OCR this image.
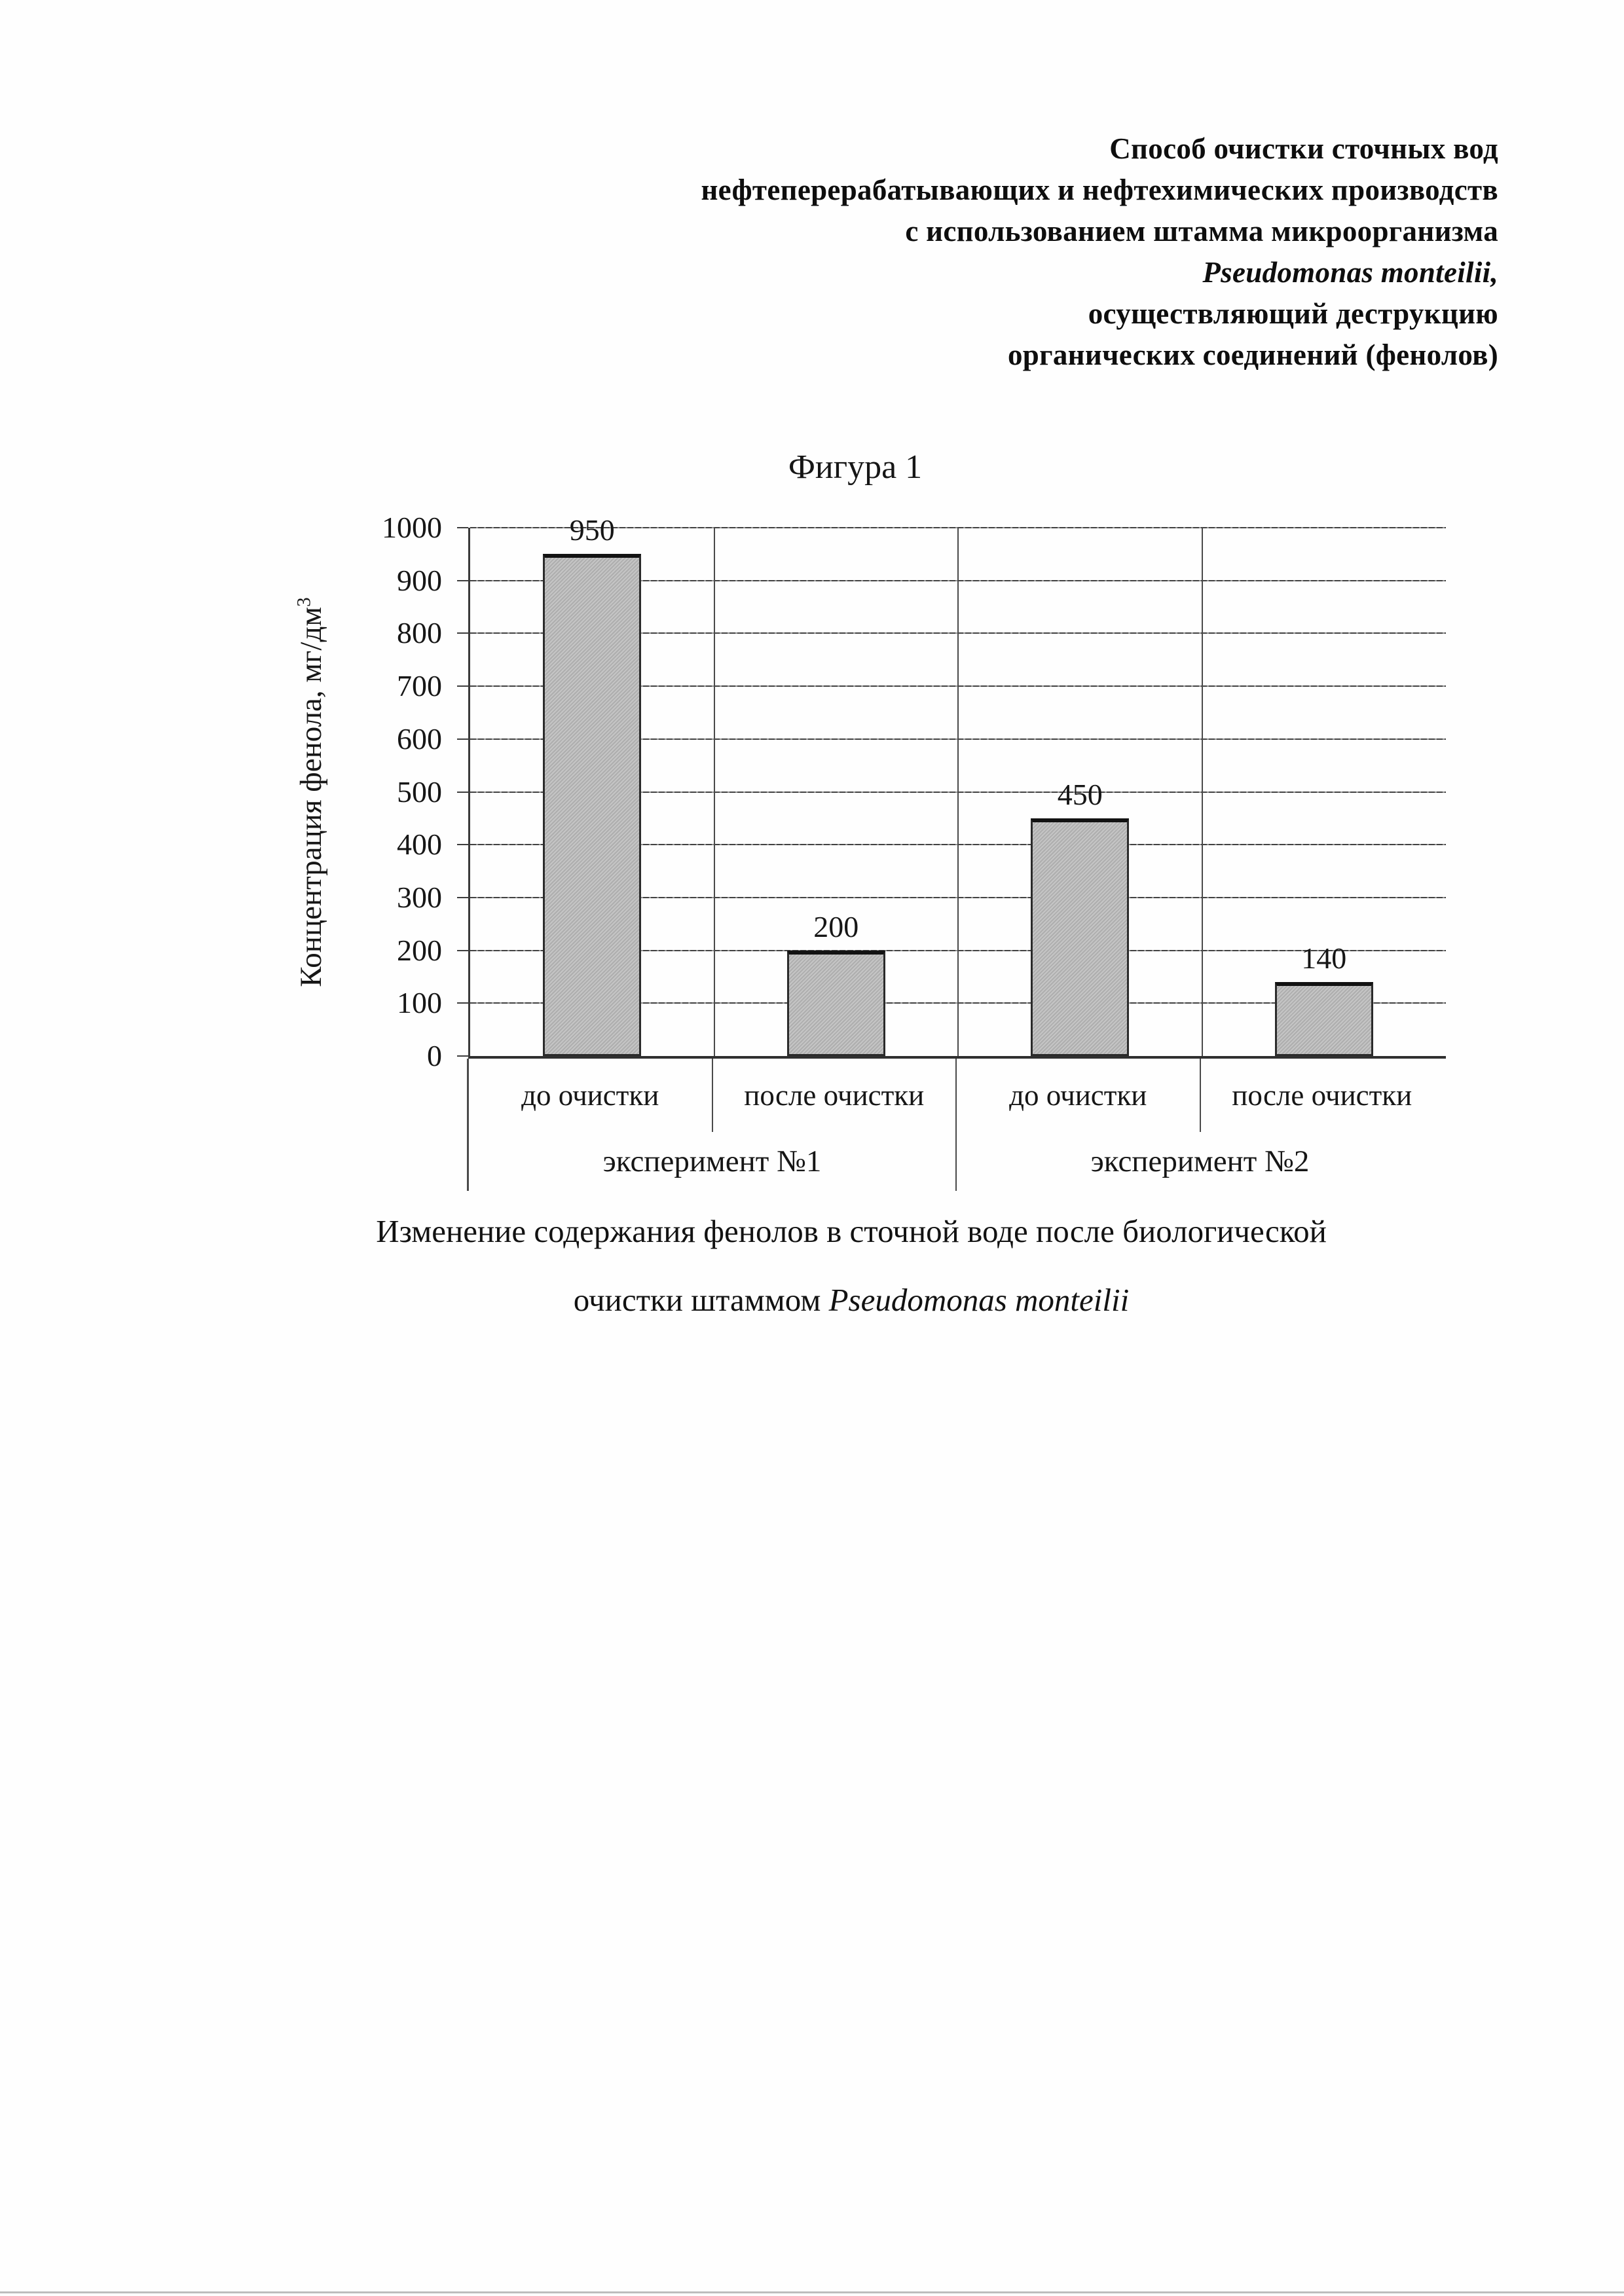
Способ очистки сточных вод
нефтеперерабатывающих и нефтехимических производств
с использованием штамма микроорганизма
Pseudomonas monteilii,
осуществляющий деструкцию
органических соединений (фенолов)
Фигура 1
Концентрация фенола, $мг/дм^3$
0
100
200
300
400
500
600
700
800
900
1000	950
200
450
140
до очистки	после очистки	до очистки	после очистки
эксперимент №1	эксперимент №2
Изменение содержания фенолов в сточной воде после биологической
очистки штаммом Pseudomonas monteilii
